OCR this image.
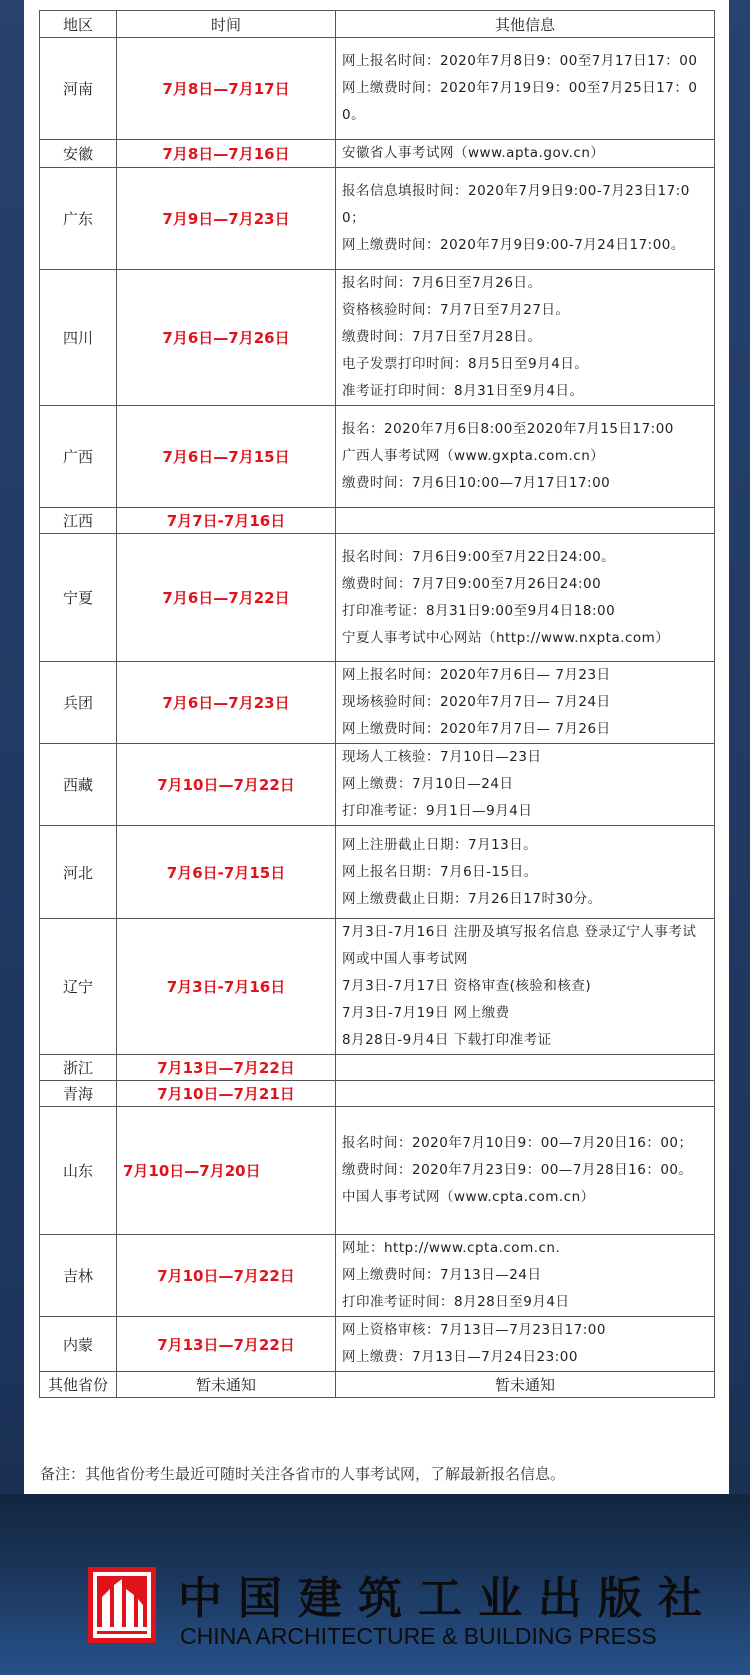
地区	时间	其他信息
河南	7月8日—7月17日	网上报名时间：2020年7月8日9：00至7月17日17：00
网上缴费时间：2020年7月19日9：00至7月25日17：00。

安徽	7月8日—7月16日	安徽省人事考试网（www.apta.gov.cn）

广东	7月9日—7月23日	报名信息填报时间：2020年7月9日9:00-7月23日17:00；
网上缴费时间：2020年7月9日9:00-7月24日17:00。

四川	7月6日—7月26日	报名时间：7月6日至7月26日。
资格核验时间：7月7日至7月27日。
缴费时间：7月7日至7月28日。
电子发票打印时间：8月5日至9月4日。
准考证打印时间：8月31日至9月4日。

广西	7月6日—7月15日	报名：2020年7月6日8:00至2020年7月15日17:00
广西人事考试网（www.gxpta.com.cn）
缴费时间：7月6日10:00—7月17日17:00

江西	7月7日-7月16日	
宁夏	7月6日—7月22日	报名时间：7月6日9:00至7月22日24:00。
缴费时间：7月7日9:00至7月26日24:00
打印准考证：8月31日9:00至9月4日18:00
宁夏人事考试中心网站（http://www.nxpta.com）

兵团	7月6日—7月23日	网上报名时间：2020年7月6日— 7月23日
现场核验时间：2020年7月7日— 7月24日
网上缴费时间：2020年7月7日— 7月26日

西藏	7月10日—7月22日	现场人工核验：7月10日—23日
网上缴费：7月10日—24日
打印准考证：9月1日—9月4日

河北	7月6日-7月15日	网上注册截止日期：7月13日。
网上报名日期：7月6日-15日。
网上缴费截止日期：7月26日17时30分。

辽宁	7月3日-7月16日	7月3日-7月16日 注册及填写报名信息 登录辽宁人事考试网或中国人事考试网
7月3日-7月17日 资格审查(核验和核查)
7月3日-7月19日 网上缴费
8月28日-9月4日 下载打印准考证

浙江	7月13日—7月22日	
青海	7月10日—7月21日	
山东	7月10日—7月20日	报名时间：2020年7月10日9：00—7月20日16：00；
缴费时间：2020年7月23日9：00—7月28日16：00。
中国人事考试网（www.cpta.com.cn）

吉林	7月10日—7月22日	网址：http://www.cpta.com.cn.
网上缴费时间：7月13日—24日
打印准考证时间：8月28日至9月4日

内蒙	7月13日—7月22日	网上资格审核：7月13日—7月23日17:00
网上缴费：7月13日—7月24日23:00

其他省份	暂未通知	暂未通知
备注：其他省份考生最近可随时关注各省市的人事考试网，了解最新报名信息。
中国建筑工业出版社
CHINA ARCHITECTURE & BUILDING PRESS
